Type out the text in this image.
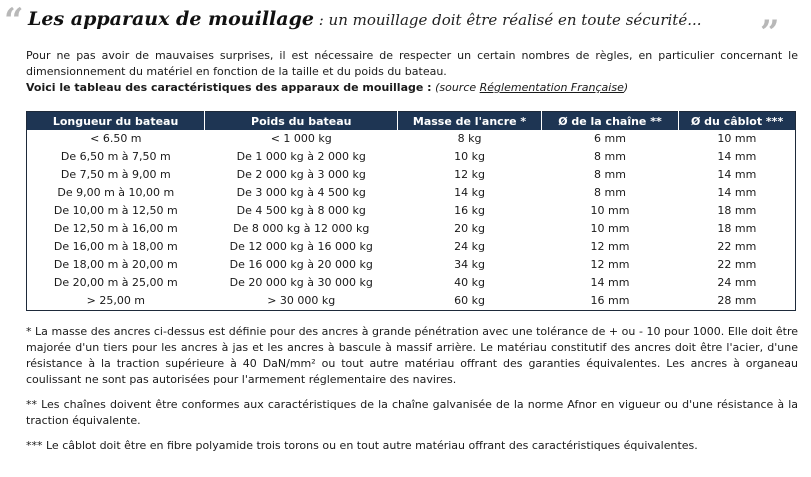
“ Les apparaux de mouillage : un mouillage doit être réalisé en toute sécurité... ”

Pour ne pas avoir de mauvaises surprises, il est nécessaire de respecter un certain nombres de règles, en particulier concernant le dimensionnement du matériel en fonction de la taille et du poids du bateau.

Voici le tableau des caractéristiques des apparaux de mouillage : (source Réglementation Française)

Longueur du bateau	Poids du bateau	Masse de l'ancre *	Ø de la chaîne **	Ø du câblot ***
< 6.50 m	< 1 000 kg	8 kg	6 mm	10 mm
De 6,50 m à 7,50 m	De 1 000 kg à 2 000 kg	10 kg	8 mm	14 mm
De 7,50 m à 9,00 m	De 2 000 kg à 3 000 kg	12 kg	8 mm	14 mm
De 9,00 m à 10,00 m	De 3 000 kg à 4 500 kg	14 kg	8 mm	14 mm
De 10,00 m à 12,50 m	De 4 500 kg à 8 000 kg	16 kg	10 mm	18 mm
De 12,50 m à 16,00 m	De 8 000 kg à 12 000 kg	20 kg	10 mm	18 mm
De 16,00 m à 18,00 m	De 12 000 kg à 16 000 kg	24 kg	12 mm	22 mm
De 18,00 m à 20,00 m	De 16 000 kg à 20 000 kg	34 kg	12 mm	22 mm
De 20,00 m à 25,00 m	De 20 000 kg à 30 000 kg	40 kg	14 mm	24 mm
> 25,00 m	> 30 000 kg	60 kg	16 mm	28 mm

* La masse des ancres ci-dessus est définie pour des ancres à grande pénétration avec une tolérance de + ou - 10 pour 1000. Elle doit être majorée d'un tiers pour les ancres à jas et les ancres à bascule à massif arrière. Le matériau constitutif des ancres doit être l'acier, d'une résistance à la traction supérieure à 40 DaN/mm² ou tout autre matériau offrant des garanties équivalentes. Les ancres à organeau coulissant ne sont pas autorisées pour l'armement réglementaire des navires.

** Les chaînes doivent être conformes aux caractéristiques de la chaîne galvanisée de la norme Afnor en vigueur ou d'une résistance à la traction équivalente.

*** Le câblot doit être en fibre polyamide trois torons ou en tout autre matériau offrant des caractéristiques équivalentes.
